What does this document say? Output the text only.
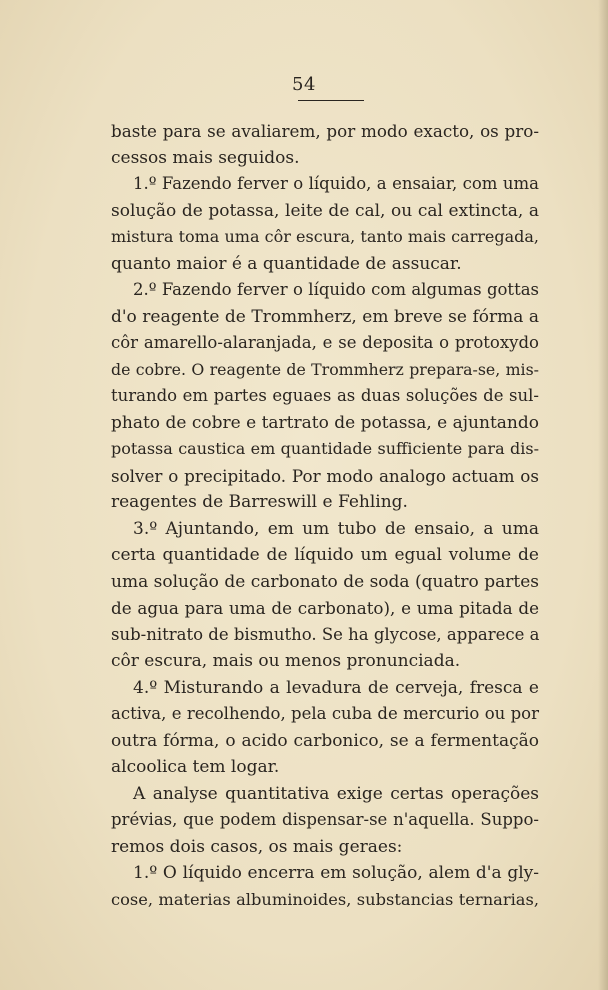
54
baste para se avaliarem, por modo exacto, os pro-
cessos mais seguidos.
1.º Fazendo ferver o líquido, a ensaiar, com uma
solução de potassa, leite de cal, ou cal extincta, a
mistura toma uma côr escura, tanto mais carregada,
quanto maior é a quantidade de assucar.
2.º Fazendo ferver o líquido com algumas gottas
d'o reagente de Trommherz, em breve se fórma a
côr amarello-alaranjada, e se deposita o protoxydo
de cobre. O reagente de Trommherz prepara-se, mis-
turando em partes eguaes as duas soluções de sul-
phato de cobre e tartrato de potassa, e ajuntando
potassa caustica em quantidade sufficiente para dis-
solver o precipitado. Por modo analogo actuam os
reagentes de Barreswill e Fehling.
3.º Ajuntando, em um tubo de ensaio, a uma
certa quantidade de líquido um egual volume de
uma solução de carbonato de soda (quatro partes
de agua para uma de carbonato), e uma pitada de
sub-nitrato de bismutho. Se ha glycose, apparece a
côr escura, mais ou menos pronunciada.
4.º Misturando a levadura de cerveja, fresca e
activa, e recolhendo, pela cuba de mercurio ou por
outra fórma, o acido carbonico, se a fermentação
alcoolica tem logar.
A analyse quantitativa exige certas operações
prévias, que podem dispensar-se n'aquella. Suppo-
remos dois casos, os mais geraes:
1.º O líquido encerra em solução, alem d'a gly-
cose, materias albuminoides, substancias ternarias,
